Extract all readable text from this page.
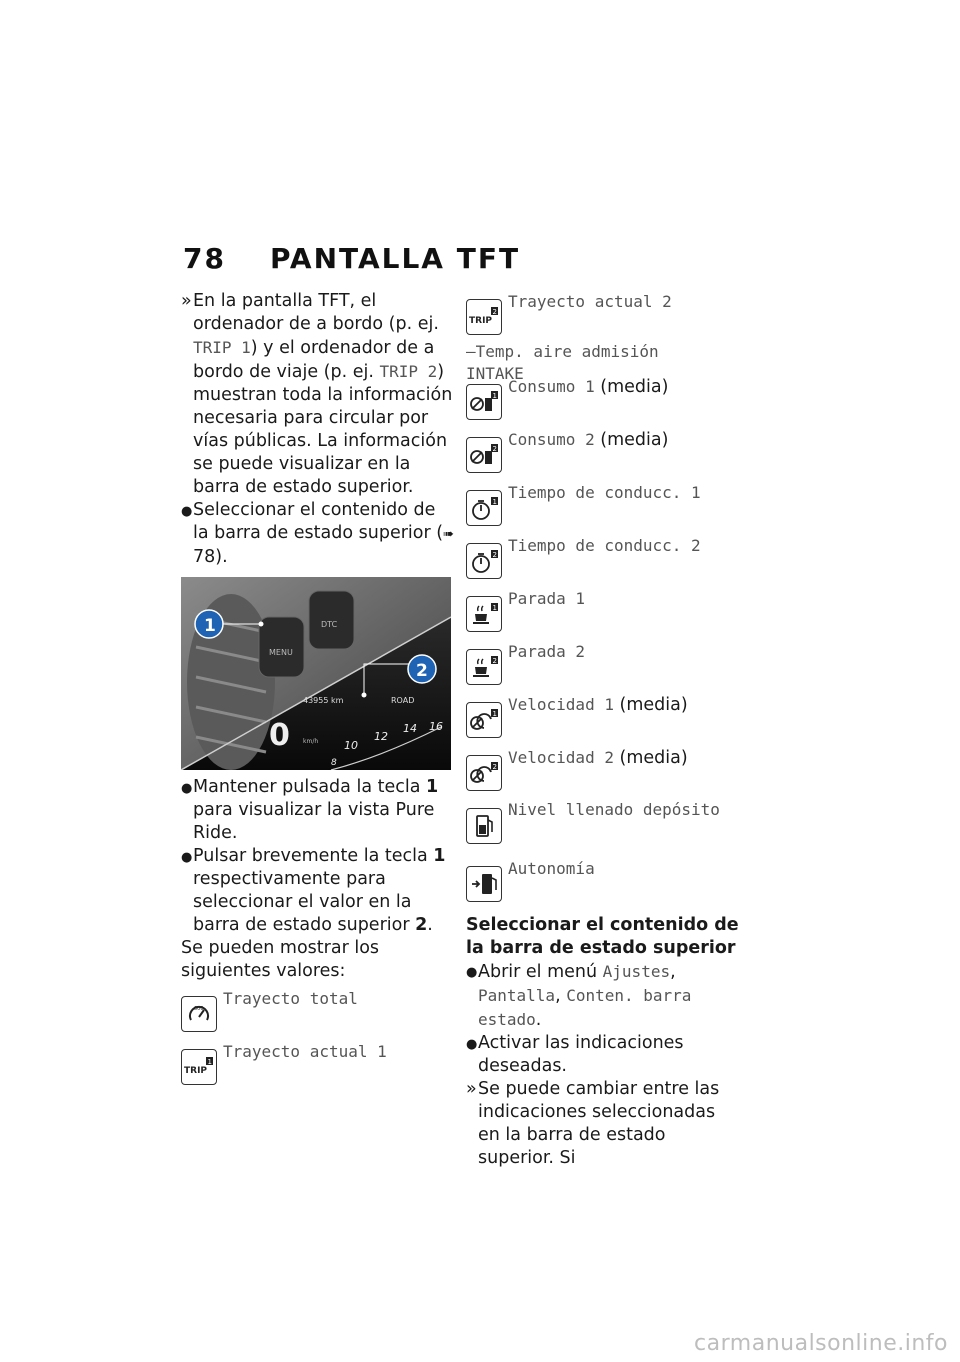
78 PANTALLA TFT

» En la pantalla TFT, el ordenador de a bordo (p. ej. TRIP 1) y el ordenador de a bordo de viaje (p. ej. TRIP 2) muestran toda la información necesaria para circular por vías públicas. La información se puede visualizar en la barra de estado superior.

● Seleccionar el contenido de la barra de estado superior (➠ 78).

MENU
DTC
43955 km	ROAD
0 km/h
8
10
12
14 16
1
2

● Mantener pulsada la tecla 1 para visualizar la vista Pure Ride.

● Pulsar brevemente la tecla 1 respectivamente para seleccionar el valor en la barra de estado superior 2.

Se pueden mostrar los siguientes valores:

000
Trayecto total
TRIP
1
Trayecto actual 1
TRIP
2
Trayecto actual 2

–Temp. aire admisión INTAKE

1 Consumo 1 (media)
2 Consumo 2 (media)
1 Tiempo de conducc. 1
2 Tiempo de conducc. 2
1 Parada 1
2 Parada 2
1 Velocidad 1 (media)
2 Velocidad 2 (media)
Nivel llenado depósito
Autonomía

Seleccionar el contenido de la barra de estado superior

● Abrir el menú Ajustes, Pantalla, Conten. barra estado.

● Activar las indicaciones deseadas.

» Se puede cambiar entre las indicaciones seleccionadas en la barra de estado superior. Si

carmanualsonline.info
